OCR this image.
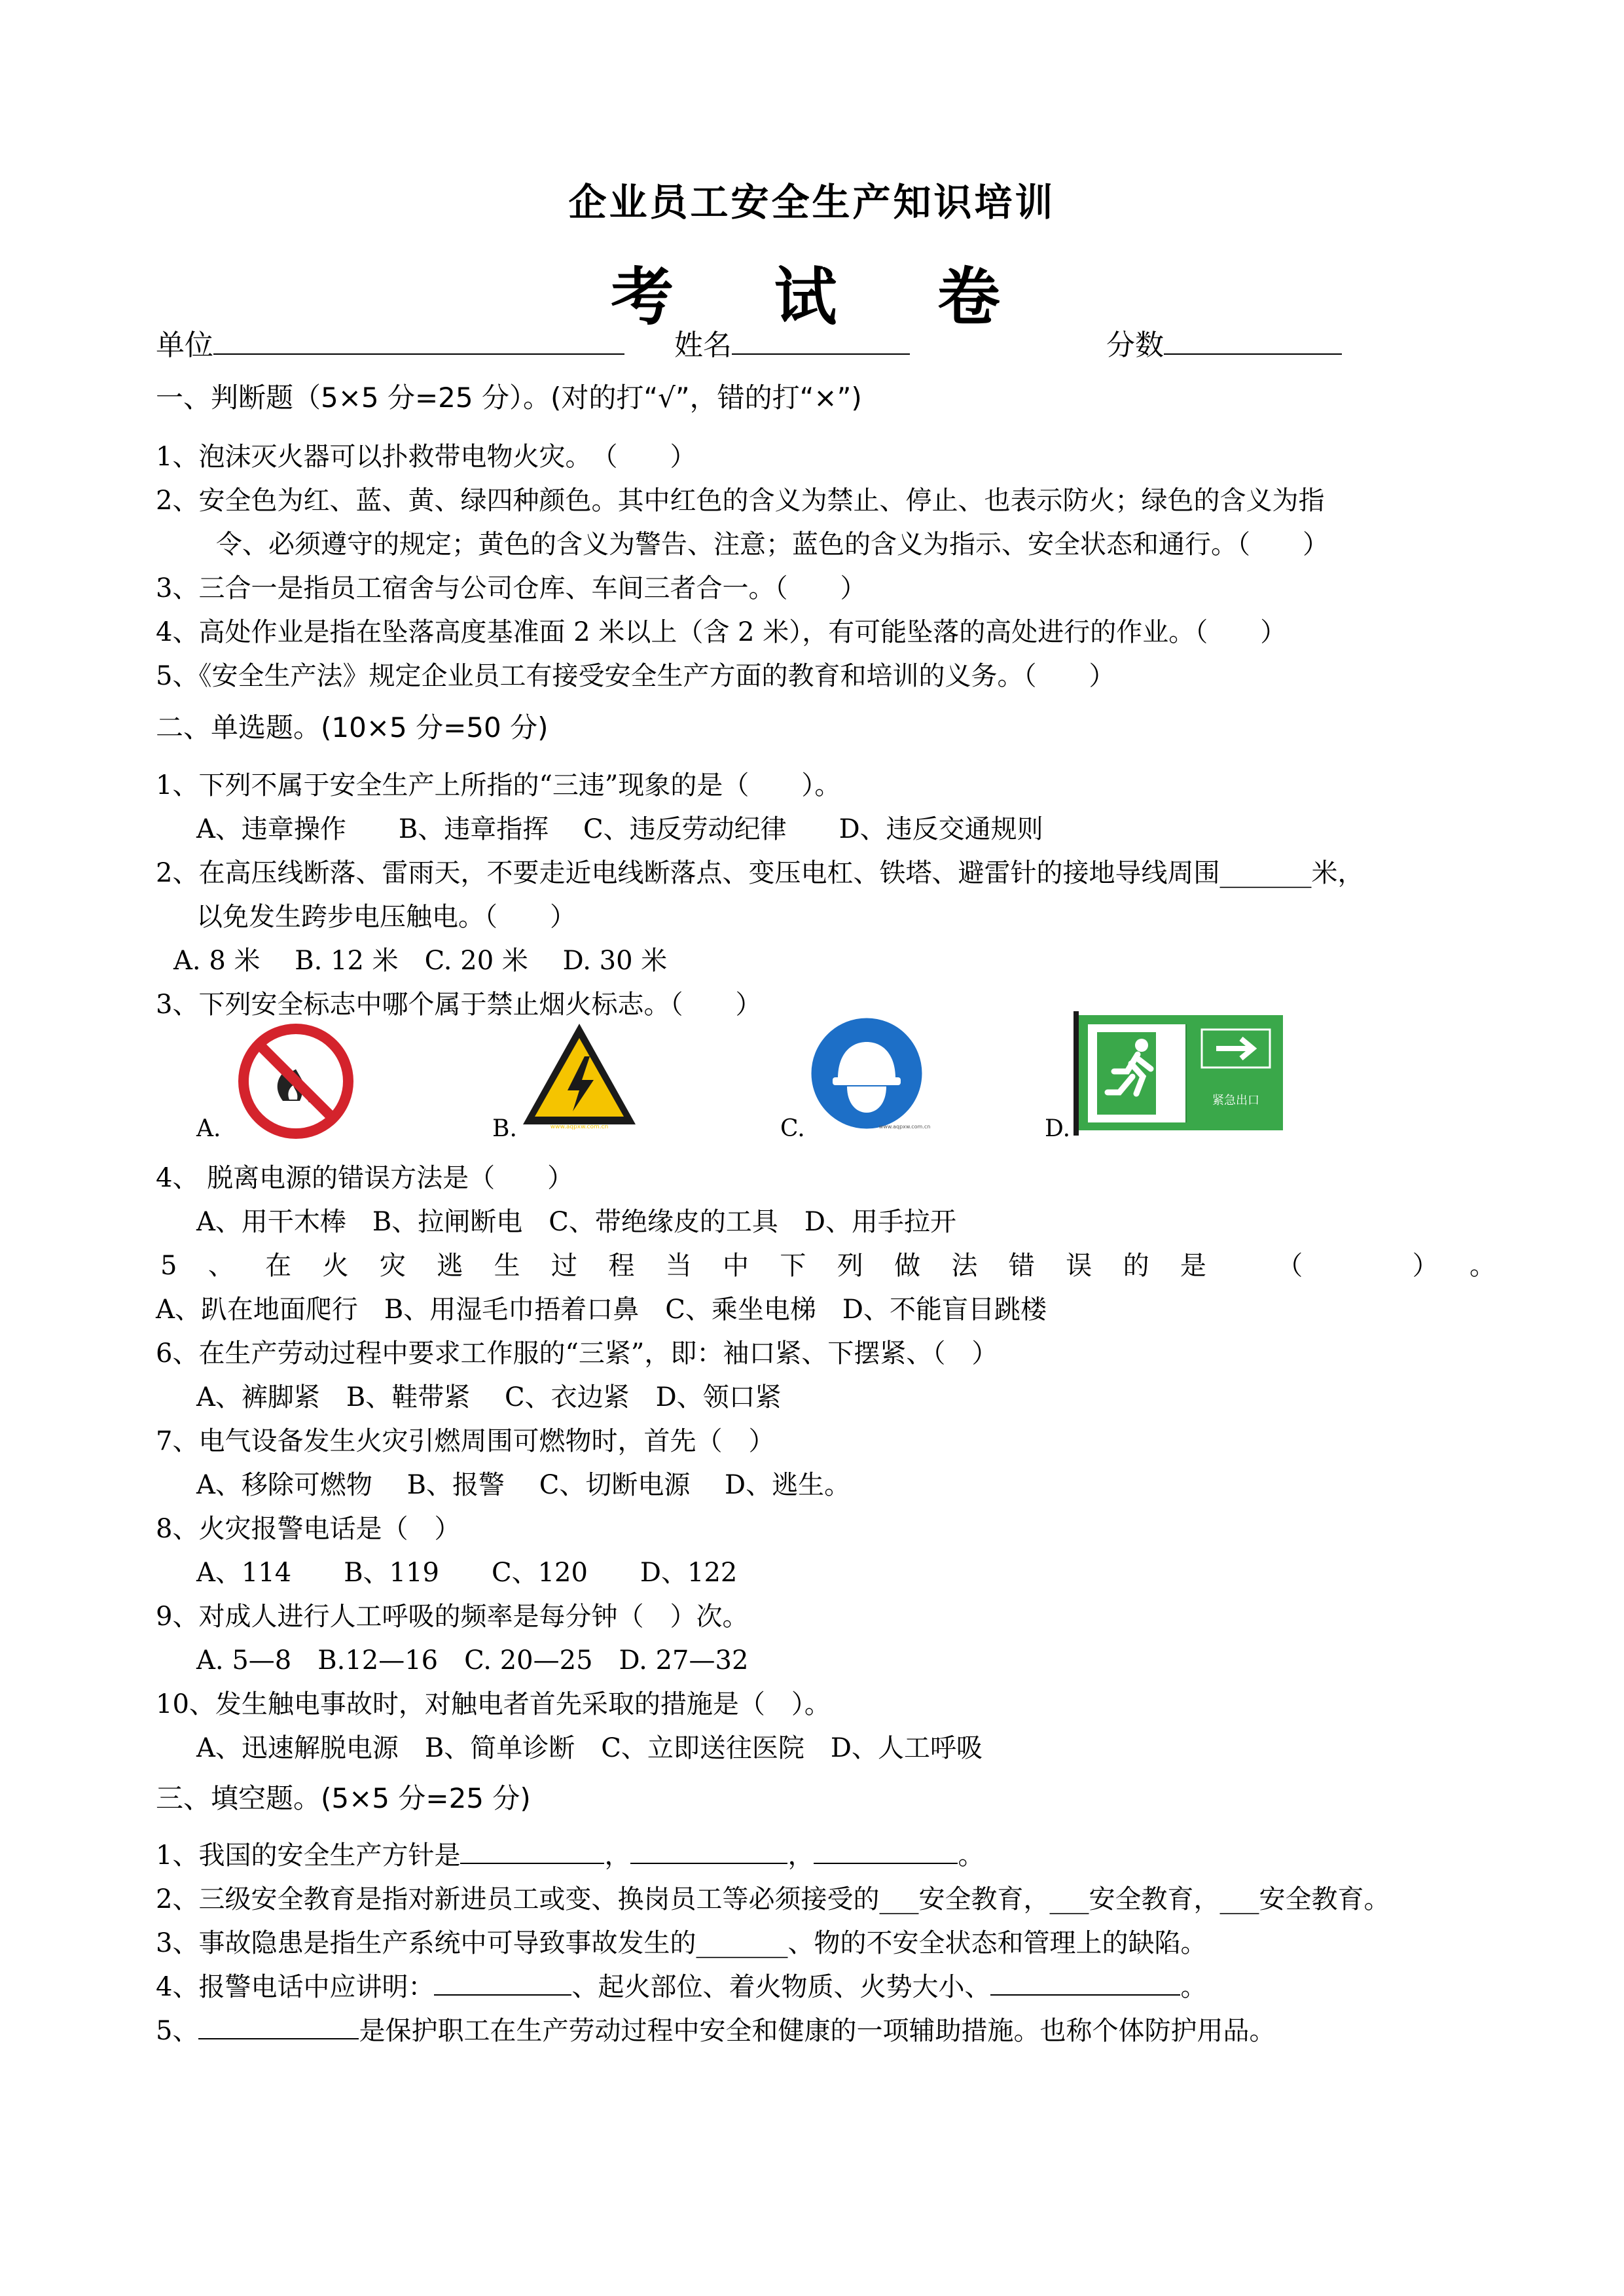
企业员工安全生产知识培训
考 试 卷
单位	姓名	分数
一、判断题（5×5 分=25 分）。(对的打“√”，错的打“×”)
1、泡沫灭火器可以扑救带电物火灾。　（　　）
2、安全色为红、蓝、黄、绿四种颜色。其中红色的含义为禁止、停止、也表示防火；绿色的含义为指
令、必须遵守的规定；黄色的含义为警告、注意；蓝色的含义为指示、安全状态和通行。（　　）
3、三合一是指员工宿舍与公司仓库、车间三者合一。（　　）
4、高处作业是指在坠落高度基准面 2 米以上（含 2 米），有可能坠落的高处进行的作业。（　　）
5、《安全生产法》规定企业员工有接受安全生产方面的教育和培训的义务。（　　）
二、单选题。(10×5 分=50 分)
1、下列不属于安全生产上所指的“三违”现象的是（　　）。
A、违章操作　　B、违章指挥　 C、违反劳动纪律　　D、违反交通规则
2、在高压线断落、雷雨天，不要走近电线断落点、变压电杠、铁塔、避雷针的接地导线周围_______米，
以免发生跨步电压触电。（　　）
A. 8 米　 B. 12 米　C. 20 米　 D. 30 米
3、下列安全标志中哪个属于禁止烟火标志。（　　）
A.	B.	www.aqpxw.com.cn	C.	www.aqpxw.com.cn	D.
紧急出口
4、 脱离电源的错误方法是（　　）
A、用干木棒　B、拉闸断电　C、带绝缘皮的工具　D、用手拉开
5 、 在 火 灾 逃 生 过 程 当 中 下 列 做 法 错 误 的 是	（	） 。
A、趴在地面爬行　B、用湿毛巾捂着口鼻　C、乘坐电梯　D、不能盲目跳楼
6、在生产劳动过程中要求工作服的“三紧”，即：袖口紧、下摆紧、（　）
A、裤脚紧　B、鞋带紧　 C、衣边紧　D、领口紧
7、电气设备发生火灾引燃周围可燃物时，首先（　）
A、移除可燃物　 B、报警　 C、切断电源　 D、逃生。
8、火灾报警电话是（　）
A、114　　B、119　　C、120　　D、122
9、对成人进行人工呼吸的频率是每分钟（　）次。
A. 5—8　B.12—16　C. 20—25　D. 27—32
10、发生触电事故时，对触电者首先采取的措施是（　）。
A、迅速解脱电源　B、简单诊断　C、立即送往医院　D、人工呼吸
三、填空题。(5×5 分=25 分)
1、我国的安全生产方针是	，	，	。
2、三级安全教育是指对新进员工或变、换岗员工等必须接受的___安全教育，___安全教育，___安全教育。
3、事故隐患是指生产系统中可导致事故发生的_______、物的不安全状态和管理上的缺陷。
4、报警电话中应讲明：	、起火部位、着火物质、火势大小、	。
5、	是保护职工在生产劳动过程中安全和健康的一项辅助措施。也称个体防护用品。
